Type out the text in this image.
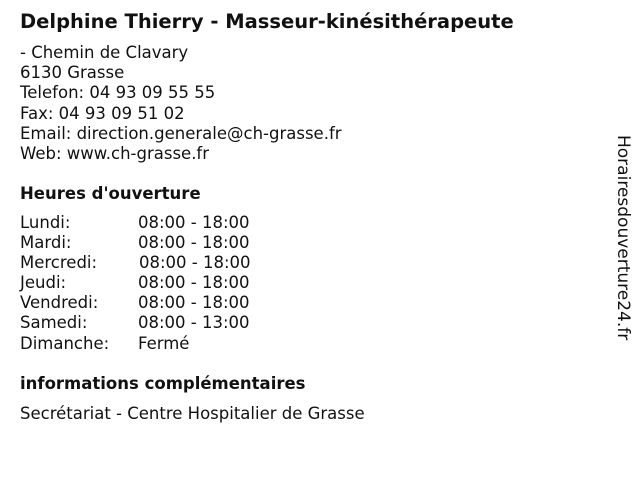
Delphine Thierry - Masseur-kinésithérapeute
- Chemin de Clavary
6130 Grasse
Telefon: 04 93 09 55 55
Fax: 04 93 09 51 02
Email: direction.generale@ch-grasse.fr
Web: www.ch-grasse.fr
Heures d'ouverture
Lundi:	08:00 - 18:00
Mardi:	08:00 - 18:00
Mercredi:	08:00 - 18:00
Jeudi:	08:00 - 18:00
Vendredi: 08:00 - 18:00
Samedi:	08:00 - 13:00
Dimanche: Fermé
informations complémentaires
Secrétariat - Centre Hospitalier de Grasse
Horairesdouverture24.fr
